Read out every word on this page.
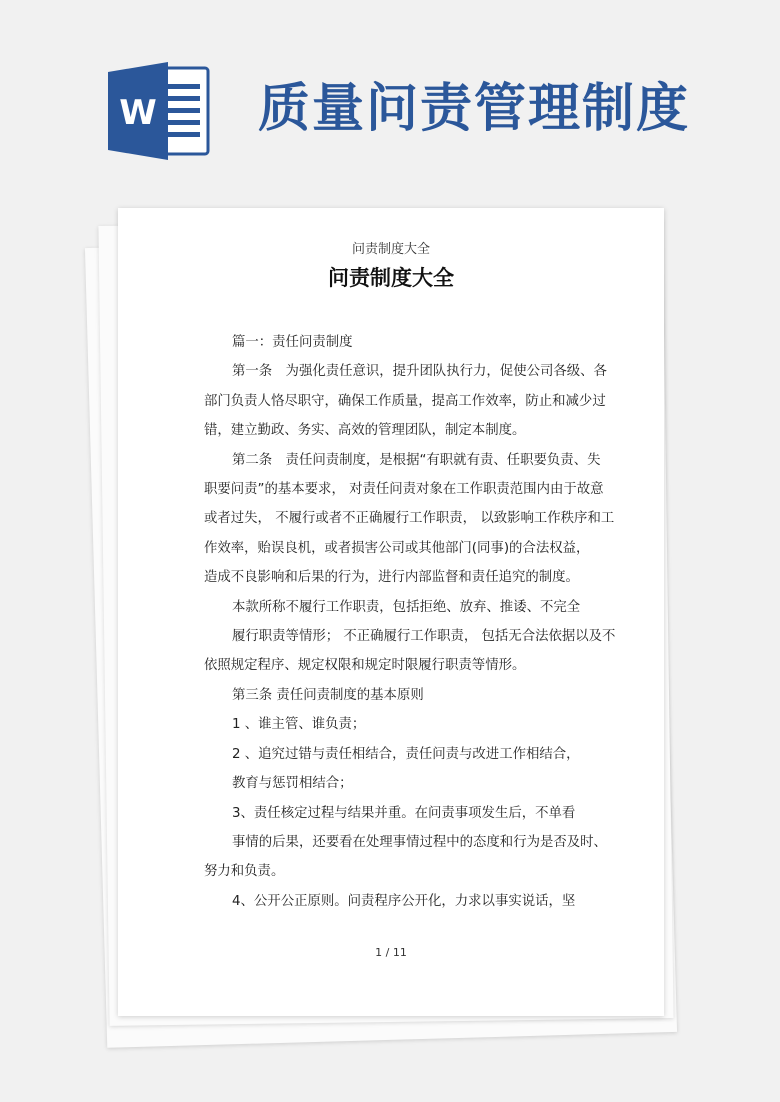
W 质量问责管理制度
问责制度大全
问责制度大全

篇一：责任问责制度

第一条　为强化责任意识，提升团队执行力，促使公司各级、各

部门负责人恪尽职守，确保工作质量，提高工作效率，防止和减少过

错，建立勤政、务实、高效的管理团队，制定本制度。

第二条　责任问责制度，是根据“有职就有责、任职要负责、失

职要问责”的基本要求， 对责任问责对象在工作职责范围内由于故意

或者过失， 不履行或者不正确履行工作职责， 以致影响工作秩序和工

作效率，贻误良机，或者损害公司或其他部门(同事)的合法权益，

造成不良影响和后果的行为，进行内部监督和责任追究的制度。

本款所称不履行工作职责，包括拒绝、放弃、推诿、不完全

履行职责等情形； 不正确履行工作职责， 包括无合法依据以及不

依照规定程序、规定权限和规定时限履行职责等情形。

第三条 责任问责制度的基本原则

1 、谁主管、谁负责；

2 、追究过错与责任相结合，责任问责与改进工作相结合，

教育与惩罚相结合；

3、责任核定过程与结果并重。在问责事项发生后，不单看

事情的后果，还要看在处理事情过程中的态度和行为是否及时、

努力和负责。

4、公开公正原则。问责程序公开化，力求以事实说话，坚

1 / 11
